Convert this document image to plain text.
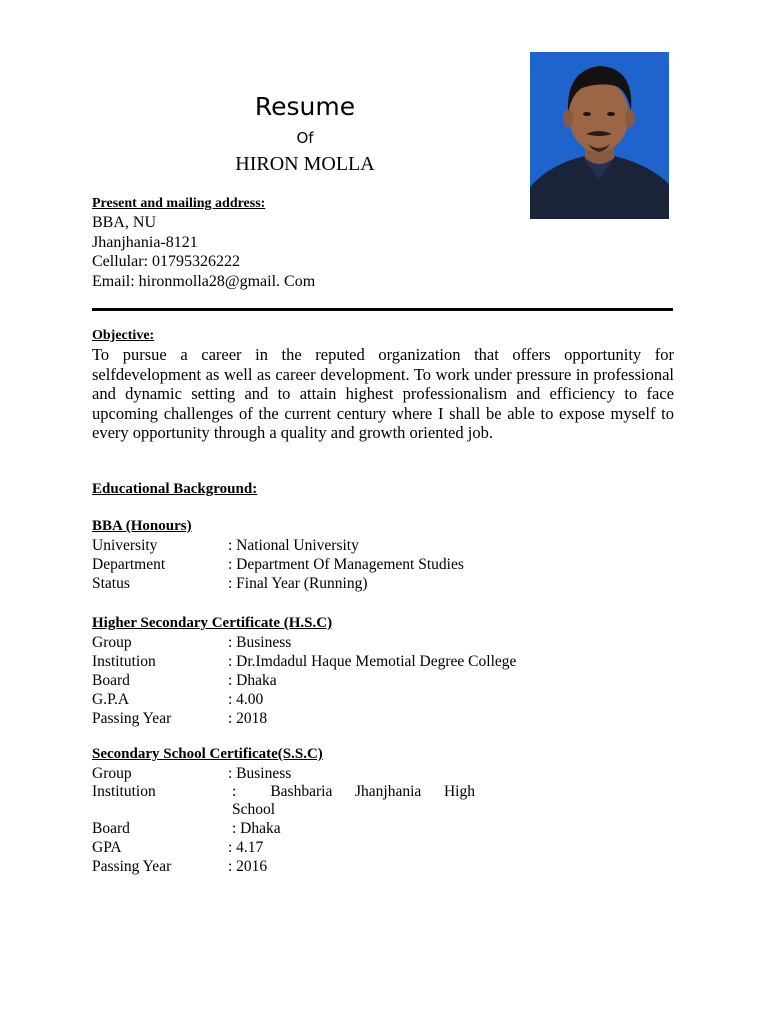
Resume
Of
HIRON MOLLA
Present and mailing address:
BBA, NU
Jhanjhania-8121
Cellular: 01795326222
Email: hironmolla28@gmail. Com
Objective:

To pursue a career in the reputed organization that offers opportunity for selfdevelopment as well as career development. To work under pressure in professional and dynamic setting and to attain highest professionalism and efficiency to face upcoming challenges of the current century where I shall be able to expose myself to every opportunity through a quality and growth oriented job.

Educational Background:
BBA (Honours)
University	: National University
Department	: Department Of Management Studies
Status	: Final Year (Running)
Higher Secondary Certificate (H.S.C)
Group	: Business
Institution	: Dr.Imdadul Haque Memotial Degree College
Board	: Dhaka
G.P.A	: 4.00
Passing Year	: 2018
Secondary School Certificate(S.S.C)
Group	: Business
Institution	:      Bashbaria    Jhanjhania    High
School
Board	: Dhaka
GPA	: 4.17
Passing Year	: 2016
